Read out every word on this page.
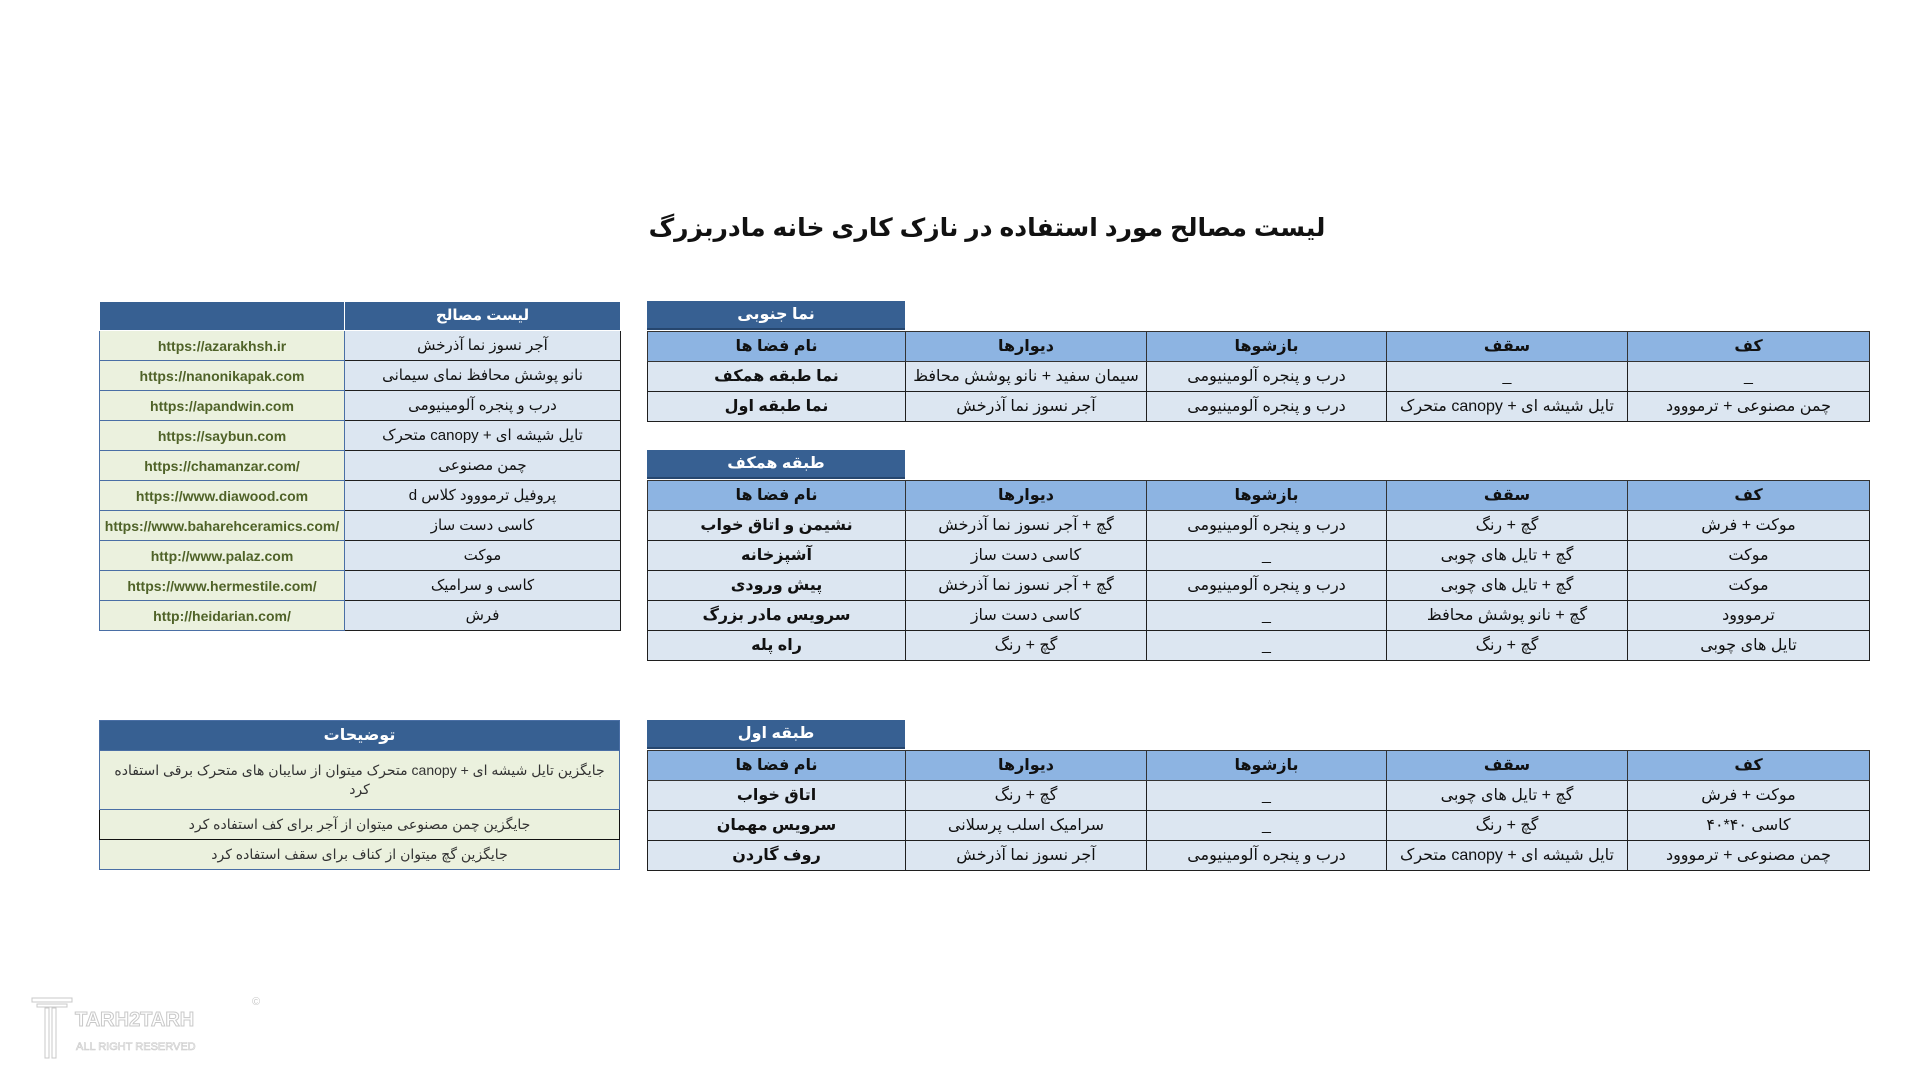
لیست مصالح مورد استفاده در نازک کاری خانه مادربزرگ
	لیست مصالح
https://azarakhsh.ir	آجر نسوز نما آذرخش
https://nanonikapak.com	نانو پوشش محافظ نمای سیمانی
https://apandwin.com	درب و پنجره آلومینیومی
https://saybun.com	تایل شیشه ای + canopy متحرک
https://chamanzar.com/	چمن مصنوعی
https://www.diawood.com	پروفیل ترمووود کلاس d
https://www.baharehceramics.com/	کاسی دست ساز
http://www.palaz.com	موکت
https://www.hermestile.com/	کاسی و سرامیک
http://heidarian.com/	فرش
نما جنوبی
نام فضا ها	دیوارها	بازشوها	سقف	کف
نما طبقه همکف	سیمان سفید + نانو پوشش محافظ	درب و پنجره آلومینیومی	_	_
نما طبقه اول	آجر نسوز نما آذرخش	درب و پنجره آلومینیومی	تایل شیشه ای + canopy متحرک	چمن مصنوعی + ترمووود
طبقه همکف
نام فضا ها	دیوارها	بازشوها	سقف	کف
نشیمن و اتاق خواب	گچ + آجر نسوز نما آذرخش	درب و پنجره آلومینیومی	گچ + رنگ	موکت + فرش
آشپزخانه	کاسی دست ساز	_	گچ + تایل های چوبی	موکت
پیش ورودی	گچ + آجر نسوز نما آذرخش	درب و پنجره آلومینیومی	گچ + تایل های چوبی	موکت
سرویس مادر بزرگ	کاسی دست ساز	_	گچ + نانو پوشش محافظ	ترمووود
راه پله	گچ + رنگ	_	گچ + رنگ	تایل های چوبی
طبقه اول
نام فضا ها	دیوارها	بازشوها	سقف	کف
اتاق خواب	گچ + رنگ	_	گچ + تایل های چوبی	موکت + فرش
سرویس مهمان	سرامیک اسلب پرسلانی	_	گچ + رنگ	کاسی ۴۰*۴۰
روف گاردن	آجر نسوز نما آذرخش	درب و پنجره آلومینیومی	تایل شیشه ای + canopy متحرک	چمن مصنوعی + ترمووود
توضیحات
جایگزین تایل شیشه ای + canopy متحرک میتوان از سایبان های متحرک برقی استفاده کرد
جایگزین چمن مصنوعی میتوان از آجر برای کف استفاده کرد
جایگزین گچ میتوان از کناف برای سقف استفاده کرد
TARH2TARH
©
ALL RIGHT RESERVED
